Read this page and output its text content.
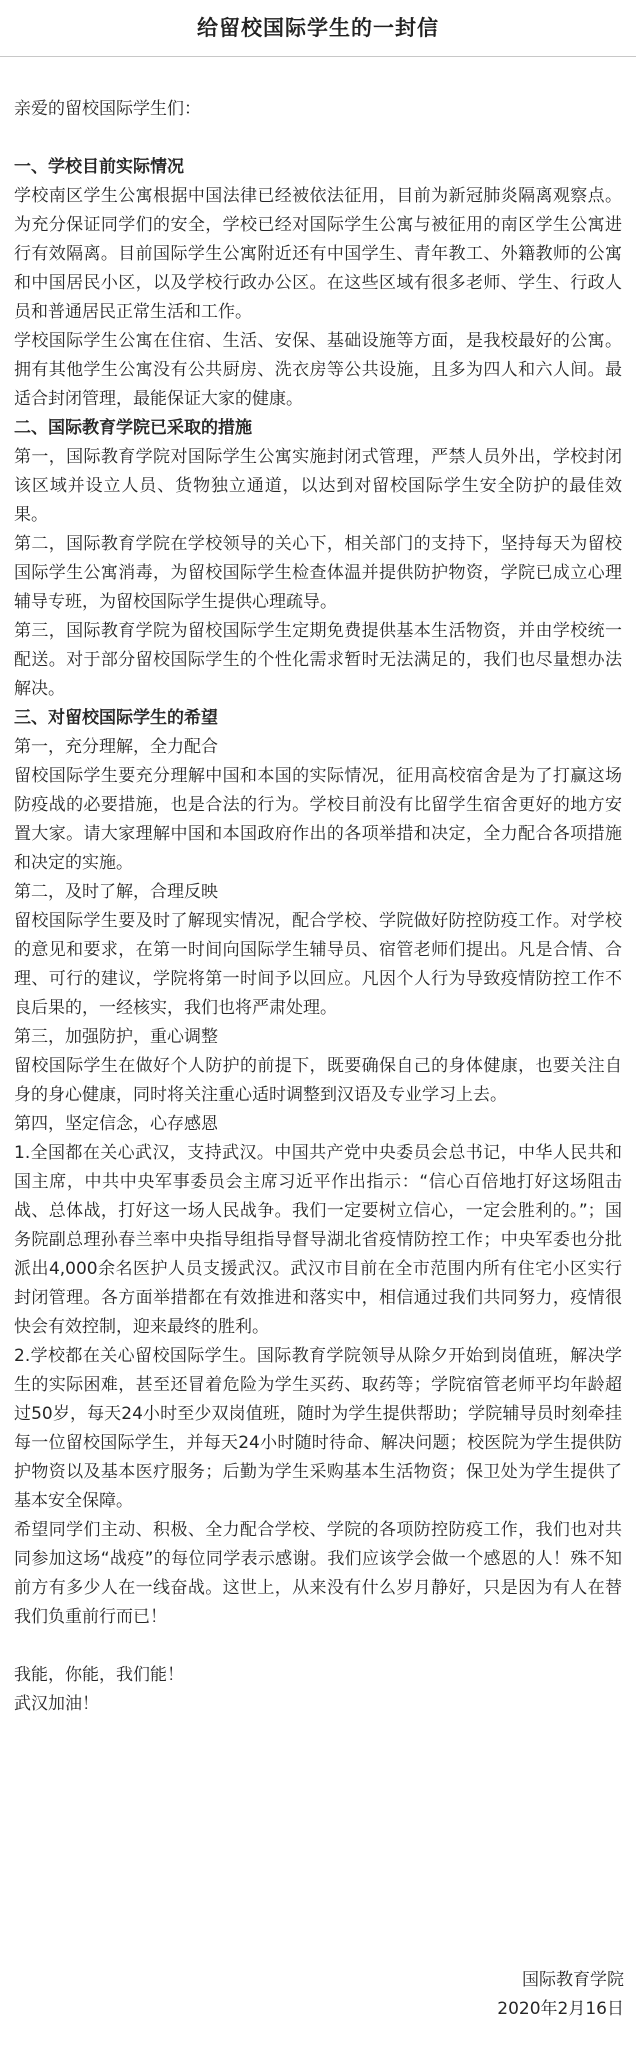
给留校国际学生的一封信

亲爱的留校国际学生们：

一、学校目前实际情况

学校南区学生公寓根据中国法律已经被依法征用，目前为新冠肺炎隔离观察点。为充分保证同学们的安全，学校已经对国际学生公寓与被征用的南区学生公寓进行有效隔离。目前国际学生公寓附近还有中国学生、青年教工、外籍教师的公寓和中国居民小区，以及学校行政办公区。在这些区域有很多老师、学生、行政人员和普通居民正常生活和工作。

学校国际学生公寓在住宿、生活、安保、基础设施等方面，是我校最好的公寓。拥有其他学生公寓没有公共厨房、洗衣房等公共设施，且多为四人和六人间。最适合封闭管理，最能保证大家的健康。

二、国际教育学院已采取的措施

第一，国际教育学院对国际学生公寓实施封闭式管理，严禁人员外出，学校封闭该区域并设立人员、货物独立通道，以达到对留校国际学生安全防护的最佳效果。

第二，国际教育学院在学校领导的关心下，相关部门的支持下，坚持每天为留校国际学生公寓消毒，为留校国际学生检查体温并提供防护物资，学院已成立心理辅导专班，为留校国际学生提供心理疏导。

第三，国际教育学院为留校国际学生定期免费提供基本生活物资，并由学校统一配送。对于部分留校国际学生的个性化需求暂时无法满足的，我们也尽量想办法解决。

三、对留校国际学生的希望

第一，充分理解，全力配合

留校国际学生要充分理解中国和本国的实际情况，征用高校宿舍是为了打赢这场防疫战的必要措施，也是合法的行为。学校目前没有比留学生宿舍更好的地方安置大家。请大家理解中国和本国政府作出的各项举措和决定，全力配合各项措施和决定的实施。

第二，及时了解，合理反映

留校国际学生要及时了解现实情况，配合学校、学院做好防控防疫工作。对学校的意见和要求，在第一时间向国际学生辅导员、宿管老师们提出。凡是合情、合理、可行的建议，学院将第一时间予以回应。凡因个人行为导致疫情防控工作不良后果的，一经核实，我们也将严肃处理。

第三，加强防护，重心调整

留校国际学生在做好个人防护的前提下，既要确保自己的身体健康，也要关注自身的身心健康，同时将关注重心适时调整到汉语及专业学习上去。

第四，坚定信念，心存感恩

1.全国都在关心武汉，支持武汉。中国共产党中央委员会总书记，中华人民共和国主席，中共中央军事委员会主席习近平作出指示：“信心百倍地打好这场阻击战、总体战，打好这一场人民战争。我们一定要树立信心，一定会胜利的。”；国务院副总理孙春兰率中央指导组指导督导湖北省疫情防控工作；中央军委也分批派出4,000余名医护人员支援武汉。武汉市目前在全市范围内所有住宅小区实行封闭管理。各方面举措都在有效推进和落实中，相信通过我们共同努力，疫情很快会有效控制，迎来最终的胜利。

2.学校都在关心留校国际学生。国际教育学院领导从除夕开始到岗值班，解决学生的实际困难，甚至还冒着危险为学生买药、取药等；学院宿管老师平均年龄超过50岁，每天24小时至少双岗值班，随时为学生提供帮助；学院辅导员时刻牵挂每一位留校国际学生，并每天24小时随时待命、解决问题；校医院为学生提供防护物资以及基本医疗服务；后勤为学生采购基本生活物资；保卫处为学生提供了基本安全保障。

希望同学们主动、积极、全力配合学校、学院的各项防控防疫工作，我们也对共同参加这场“战疫”的每位同学表示感谢。我们应该学会做一个感恩的人！殊不知前方有多少人在一线奋战。这世上，从来没有什么岁月静好，只是因为有人在替我们负重前行而已！

我能，你能，我们能！

武汉加油！

国际教育学院
2020年2月16日
